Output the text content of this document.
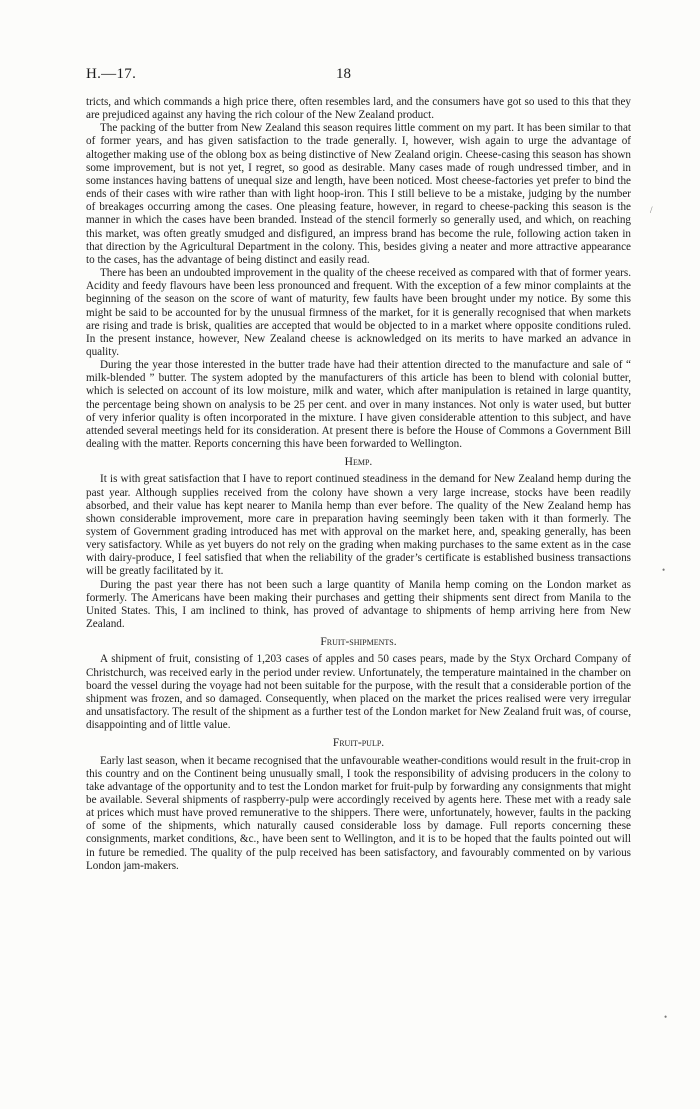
H.—17.	18

tricts, and which commands a high price there, often resembles lard, and the consumers have got so used to this that they are prejudiced against any having the rich colour of the New Zealand product.

The packing of the butter from New Zealand this season requires little comment on my part. It has been similar to that of former years, and has given satisfaction to the trade generally. I, however, wish again to urge the advantage of altogether making use of the oblong box as being distinctive of New Zealand origin. Cheese-casing this season has shown some improvement, but is not yet, I regret, so good as desirable. Many cases made of rough undressed timber, and in some instances having battens of unequal size and length, have been noticed. Most cheese-factories yet prefer to bind the ends of their cases with wire rather than with light hoop-iron. This I still believe to be a mistake, judging by the number of breakages occurring among the cases. One pleasing feature, however, in regard to cheese-packing this season is the manner in which the cases have been branded. Instead of the stencil formerly so generally used, and which, on reaching this market, was often greatly smudged and disfigured, an impress brand has become the rule, following action taken in that direction by the Agricultural Department in the colony. This, besides giving a neater and more attractive appearance to the cases, has the advantage of being distinct and easily read.

There has been an undoubted improvement in the quality of the cheese received as compared with that of former years. Acidity and feedy flavours have been less pronounced and frequent. With the exception of a few minor complaints at the beginning of the season on the score of want of maturity, few faults have been brought under my notice. By some this might be said to be accounted for by the unusual firmness of the market, for it is generally recognised that when markets are rising and trade is brisk, qualities are accepted that would be objected to in a market where opposite conditions ruled. In the present instance, however, New Zealand cheese is acknowledged on its merits to have marked an advance in quality.

During the year those interested in the butter trade have had their attention directed to the manufacture and sale of “ milk-blended ” butter. The system adopted by the manufacturers of this article has been to blend with colonial butter, which is selected on account of its low moisture, milk and water, which after manipulation is retained in large quantity, the percentage being shown on analysis to be 25 per cent. and over in many instances. Not only is water used, but butter of very inferior quality is often incorporated in the mixture. I have given considerable attention to this subject, and have attended several meetings held for its consideration. At present there is before the House of Commons a Government Bill dealing with the matter. Reports concerning this have been forwarded to Wellington.

Hemp.

It is with great satisfaction that I have to report continued steadiness in the demand for New Zealand hemp during the past year. Although supplies received from the colony have shown a very large increase, stocks have been readily absorbed, and their value has kept nearer to Manila hemp than ever before. The quality of the New Zealand hemp has shown considerable improvement, more care in preparation having seemingly been taken with it than formerly. The system of Government grading introduced has met with approval on the market here, and, speaking generally, has been very satisfactory. While as yet buyers do not rely on the grading when making purchases to the same extent as in the case with dairy-produce, I feel satisfied that when the reliability of the grader’s certificate is established business transactions will be greatly facilitated by it.

During the past year there has not been such a large quantity of Manila hemp coming on the London market as formerly. The Americans have been making their purchases and getting their shipments sent direct from Manila to the United States. This, I am inclined to think, has proved of advantage to shipments of hemp arriving here from New Zealand.

Fruit-shipments.

A shipment of fruit, consisting of 1,203 cases of apples and 50 cases pears, made by the Styx Orchard Company of Christchurch, was received early in the period under review. Unfortunately, the temperature maintained in the chamber on board the vessel during the voyage had not been suitable for the purpose, with the result that a considerable portion of the shipment was frozen, and so damaged. Consequently, when placed on the market the prices realised were very irregular and unsatisfactory. The result of the shipment as a further test of the London market for New Zealand fruit was, of course, disappointing and of little value.

Fruit-pulp.

Early last season, when it became recognised that the unfavourable weather-conditions would result in the fruit-crop in this country and on the Continent being unusually small, I took the responsibility of advising producers in the colony to take advantage of the opportunity and to test the London market for fruit-pulp by forwarding any consignments that might be available. Several shipments of raspberry-pulp were accordingly received by agents here. These met with a ready sale at prices which must have proved remunerative to the shippers. There were, unfortunately, however, faults in the packing of some of the shipments, which naturally caused considerable loss by damage. Full reports concerning these consignments, market conditions, &c., have been sent to Wellington, and it is to be hoped that the faults pointed out will in future be remedied. The quality of the pulp received has been satisfactory, and favourably commented on by various London jam-makers.

/
•
•
